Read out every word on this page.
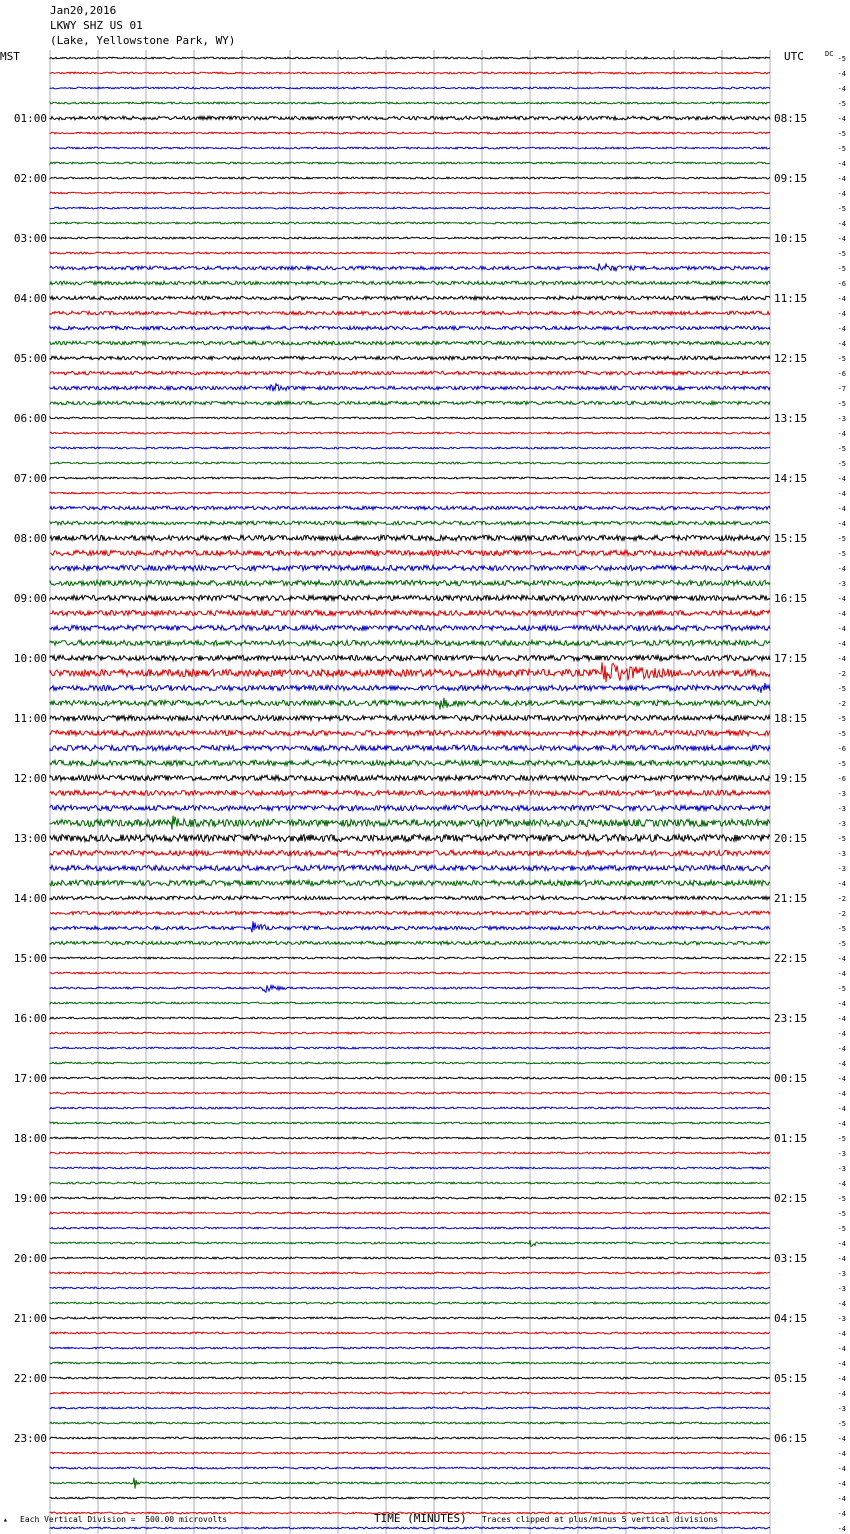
Jan20,2016
LKWY SHZ US 01
(Lake, Yellowstone Park, WY)
01:00
02:00
03:00
04:00
05:00
06:00
07:00
08:00
09:00
10:00
11:00
12:00
13:00
14:00
15:00
16:00
17:00
18:00
19:00
20:00
21:00
22:00
23:00
08:15
09:15
10:15
11:15
12:15
13:15
14:15
15:15
16:15
17:15
18:15
19:15
20:15
21:15
22:15
23:15
00:15
01:15
02:15
03:15
04:15
05:15
06:15
-5
-4
-4
-5
-4
-5
-5
-4
-4
-4
-5
-4
-4
-5
-5
-6
-4
-4
-4
-4
-5
-6
-7
-5
-3
-4
-5
-5
-4
-4
-4
-4
-5
-5
-4
-3
-4
-4
-4
-4
-4
-2
-5
-2
-5
-5
-6
-5
-6
-3
-3
-3
-5
-3
-3
-4
-2
-2
-5
-5
-4
-4
-5
-4
-4
-4
-4
-4
-4
-4
-4
-4
-5
-3
-3
-4
-5
-5
-5
-4
-4
-3
-3
-4
-3
-4
-4
-4
-4
-4
-3
-5
-4
-4
-4
-4
-4
-4
-4
MST	UTC	DC
TIME (MINUTES)
▴ Each Vertical Division =  500.00 microvolts	Traces clipped at plus/minus 5 vertical divisions
